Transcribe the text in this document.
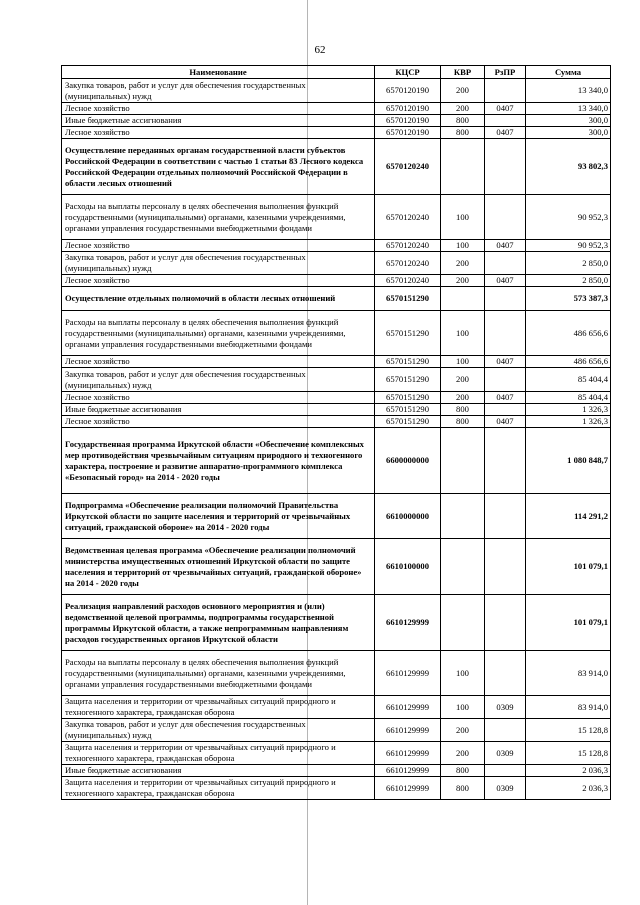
62
Наименование	КЦСР	КВР	РзПР	Сумма
Закупка товаров, работ и услуг для обеспечения государственных (муниципальных) нужд	6570120190	200		13 340,0
Лесное хозяйство	6570120190	200	0407	13 340,0
Иные бюджетные ассигнования	6570120190	800		300,0
Лесное хозяйство	6570120190	800	0407	300,0
Осуществление переданных органам государственной власти субъектов Российской Федерации в соответствии с частью 1 статьи 83 Лесного кодекса Российской Федерации отдельных полномочий Российской Федерации в области лесных отношений	6570120240			93 802,3
Расходы на выплаты персоналу в целях обеспечения выполнения функций государственными (муниципальными) органами, казенными учреждениями, органами управления государственными внебюджетными фондами	6570120240	100		90 952,3
Лесное хозяйство	6570120240	100	0407	90 952,3
Закупка товаров, работ и услуг для обеспечения государственных (муниципальных) нужд	6570120240	200		2 850,0
Лесное хозяйство	6570120240	200	0407	2 850,0
Осуществление отдельных полномочий в области лесных отношений	6570151290			573 387,3
Расходы на выплаты персоналу в целях обеспечения выполнения функций государственными (муниципальными) органами, казенными учреждениями, органами управления государственными внебюджетными фондами	6570151290	100		486 656,6
Лесное хозяйство	6570151290	100	0407	486 656,6
Закупка товаров, работ и услуг для обеспечения государственных (муниципальных) нужд	6570151290	200		85 404,4
Лесное хозяйство	6570151290	200	0407	85 404,4
Иные бюджетные ассигнования	6570151290	800		1 326,3
Лесное хозяйство	6570151290	800	0407	1 326,3
Государственная программа Иркутской области «Обеспечение комплексных мер противодействия чрезвычайным ситуациям природного и техногенного характера, построение и развитие аппаратно-программного комплекса «Безопасный город» на 2014 - 2020 годы	6600000000			1 080 848,7
Подпрограмма «Обеспечение реализации полномочий Правительства Иркутской области по защите населения и территорий от чрезвычайных ситуаций, гражданской обороне» на 2014 - 2020 годы	6610000000			114 291,2
Ведомственная целевая программа «Обеспечение реализации полномочий министерства имущественных отношений Иркутской области по защите населения и территорий от чрезвычайных ситуаций, гражданской обороне» на 2014 - 2020 годы	6610100000			101 079,1
Реализация направлений расходов основного мероприятия и (или) ведомственной целевой программы, подпрограммы государственной программы Иркутской области, а также непрограммным направлениям расходов государственных органов Иркутской области	6610129999			101 079,1
Расходы на выплаты персоналу в целях обеспечения выполнения функций государственными (муниципальными) органами, казенными учреждениями, органами управления государственными внебюджетными фондами	6610129999	100		83 914,0
Защита населения и территории от чрезвычайных ситуаций природного и техногенного характера, гражданская оборона	6610129999	100	0309	83 914,0
Закупка товаров, работ и услуг для обеспечения государственных (муниципальных) нужд	6610129999	200		15 128,8
Защита населения и территории от чрезвычайных ситуаций природного и техногенного характера, гражданская оборона	6610129999	200	0309	15 128,8
Иные бюджетные ассигнования	6610129999	800		2 036,3
Защита населения и территории от чрезвычайных ситуаций природного и техногенного характера, гражданская оборона	6610129999	800	0309	2 036,3
